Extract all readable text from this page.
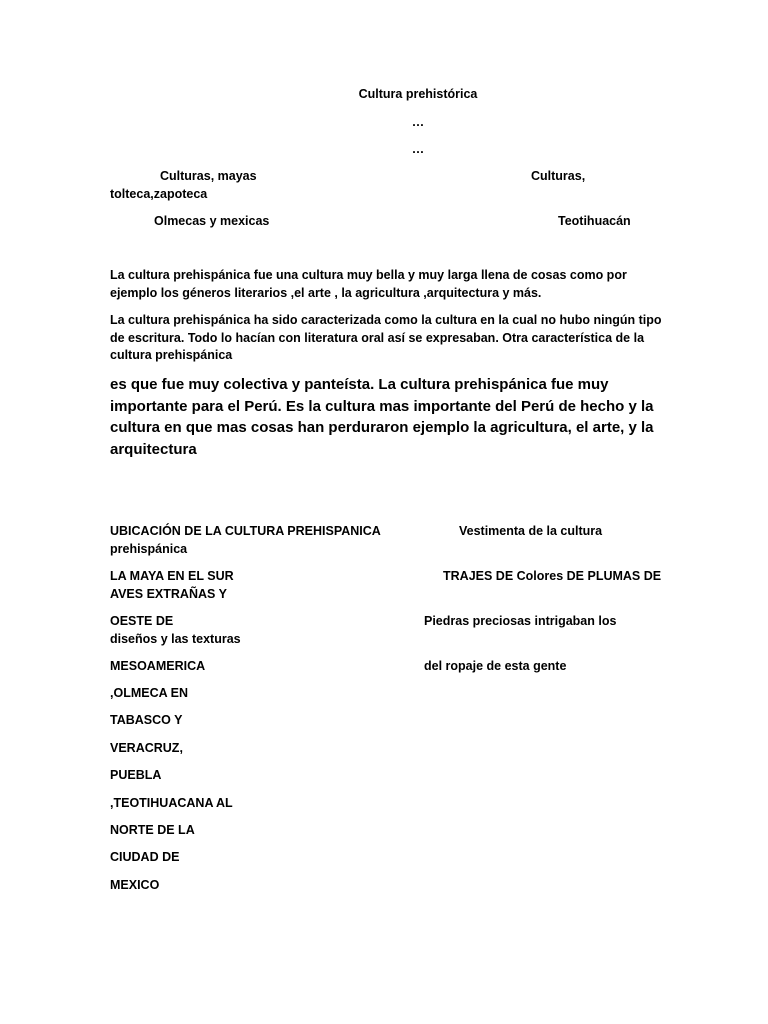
Cultura prehistórica
…
…
Culturas, mayas	Culturas,
tolteca,zapoteca
Olmecas y mexicas	Teotihuacán
La cultura prehispánica fue una cultura muy bella y muy larga llena de cosas como por
ejemplo los géneros literarios ,el arte , la agricultura ,arquitectura y más.
La cultura prehispánica ha sido caracterizada como la cultura en la cual no hubo ningún tipo
de escritura. Todo lo hacían con literatura oral así se expresaban. Otra característica de la
cultura prehispánica
es que fue muy colectiva y panteísta. La cultura prehispánica fue muy
importante para el Perú. Es la cultura mas importante del Perú de hecho y la
cultura en que mas cosas han perduraron ejemplo la agricultura, el arte, y la
arquitectura
UBICACIÓN DE LA CULTURA PREHISPANICA	Vestimenta de la cultura
prehispánica
LA MAYA EN EL SUR	TRAJES DE Colores DE PLUMAS DE
AVES EXTRAÑAS Y
OESTE DE	Piedras preciosas intrigaban los
diseños y las texturas
MESOAMERICA	del ropaje de esta gente
,OLMECA EN
TABASCO Y
VERACRUZ,
PUEBLA
,TEOTIHUACANA AL
NORTE DE LA
CIUDAD DE
MEXICO
